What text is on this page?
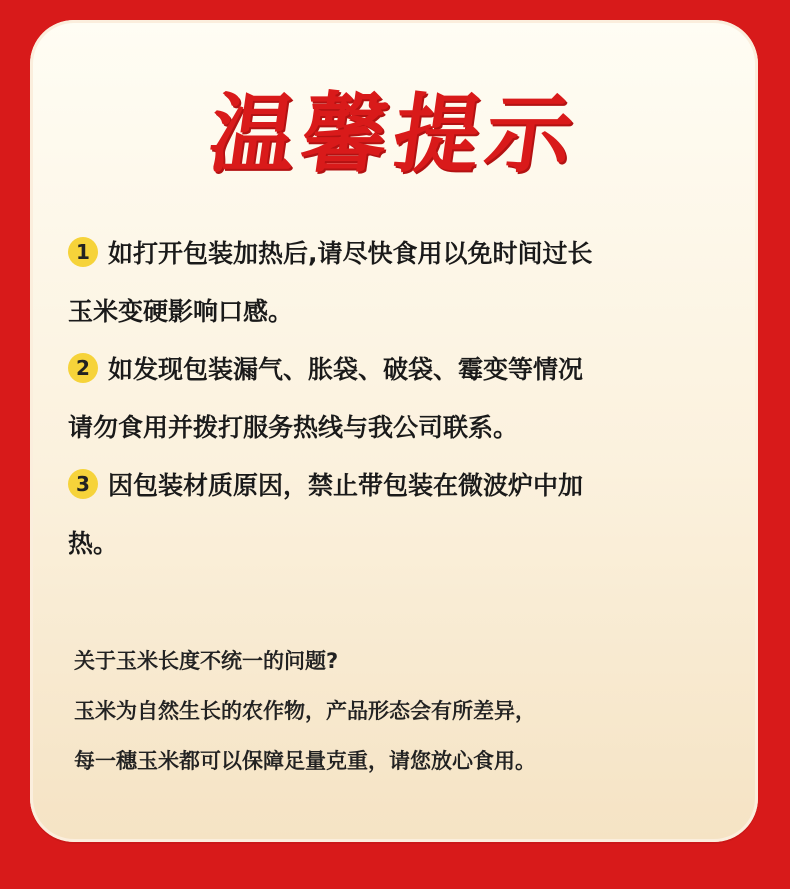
温馨提示
1 如打开包装加热后,请尽快食用以免时间过长
玉米变硬影响口感。
2 如发现包装漏气、胀袋、破袋、霉变等情况
请勿食用并拨打服务热线与我公司联系。
3 因包装材质原因，禁止带包装在微波炉中加
热。
关于玉米长度不统一的问题?
玉米为自然生长的农作物，产品形态会有所差异，
每一穗玉米都可以保障足量克重，请您放心食用。
